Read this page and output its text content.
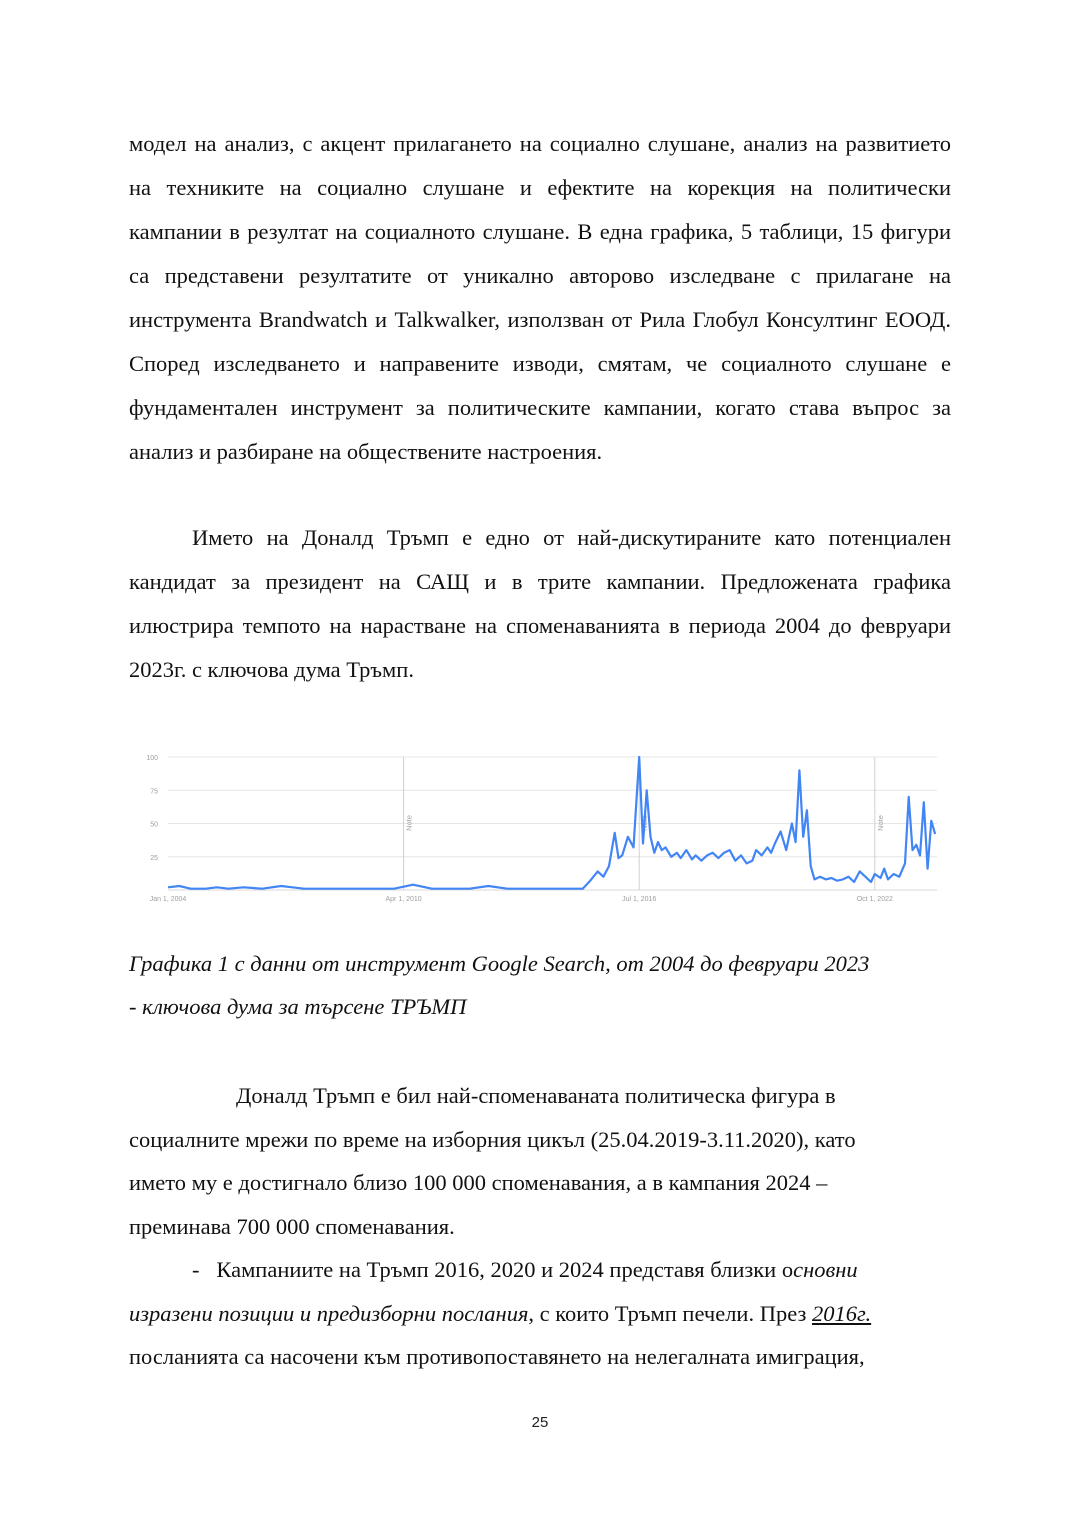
модел на анализ, с акцент прилагането на социално слушане, анализ на развитието на техниките на социално слушане и ефектите на корекция на политически кампании в резултат на социалното слушане. В една графика, 5 таблици, 15 фигури са представени резултатите от уникално авторово изследване с прилагане на инструмента Brandwatch и Talkwalker, използван от Рила Глобул Консултинг ЕООД. Според изследването и направените изводи, смятам, че социалното слушане е фундаментален инструмент за политическите кампании, когато става въпрос за анализ и разбиране на обществените настроения.

Името на Доналд Тръмп е едно от най-дискутираните като потенциален кандидат за президент на САЩ и в трите кампании. Предложената графика илюстрира темпото на нарастване на споменаванията в периода 2004 до февруари 2023г. с ключова дума Тръмп.

100
75
50
25
Note	Note	Note
Jan 1, 2004	Apr 1, 2010	Jul 1, 2016	Oct 1, 2022

Графика 1 с данни от инструмент Google Search, от 2004 до февруари 2023
- ключова дума за търсене ТРЪМП

Доналд Тръмп е бил най-споменаваната политическа фигура в
социалните мрежи по време на изборния цикъл (25.04.2019-3.11.2020), като
името му е достигнало близо 100 000 споменавания, а в кампания 2024 –
преминава 700 000 споменавания.

- Кампаниите на Тръмп 2016, 2020 и 2024 представя близки основни
изразени позиции и предизборни послания, с които Тръмп печели. През 2016г.
посланията са насочени към противопоставянето на нелегалната имиграция,

25
